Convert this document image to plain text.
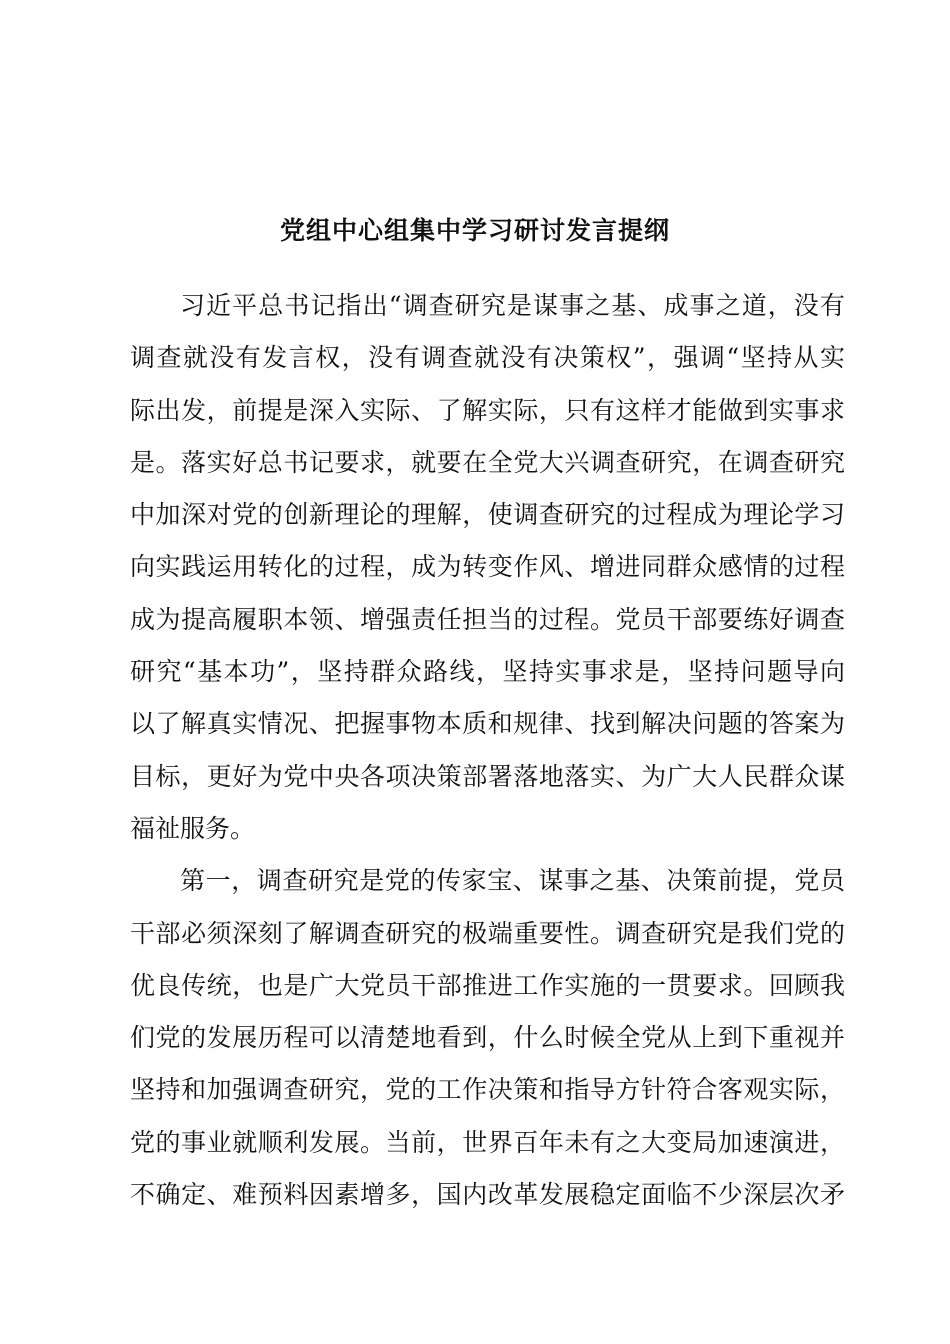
党组中心组集中学习研讨发言提纲
习近平总书记指出“调查研究是谋事之基、成事之道，没有
调查就没有发言权，没有调查就没有决策权”，强调“坚持从实
际出发，前提是深入实际、了解实际，只有这样才能做到实事求
是。落实好总书记要求，就要在全党大兴调查研究，在调查研究
中加深对党的创新理论的理解，使调查研究的过程成为理论学习
向实践运用转化的过程，成为转变作风、增进同群众感情的过程
成为提高履职本领、增强责任担当的过程。党员干部要练好调查
研究“基本功”，坚持群众路线，坚持实事求是，坚持问题导向
以了解真实情况、把握事物本质和规律、找到解决问题的答案为
目标，更好为党中央各项决策部署落地落实、为广大人民群众谋
福祉服务。
第一，调查研究是党的传家宝、谋事之基、决策前提，党员
干部必须深刻了解调查研究的极端重要性。调查研究是我们党的
优良传统，也是广大党员干部推进工作实施的一贯要求。回顾我
们党的发展历程可以清楚地看到，什么时候全党从上到下重视并
坚持和加强调查研究，党的工作决策和指导方针符合客观实际，
党的事业就顺利发展。当前，世界百年未有之大变局加速演进，
不确定、难预料因素增多，国内改革发展稳定面临不少深层次矛
